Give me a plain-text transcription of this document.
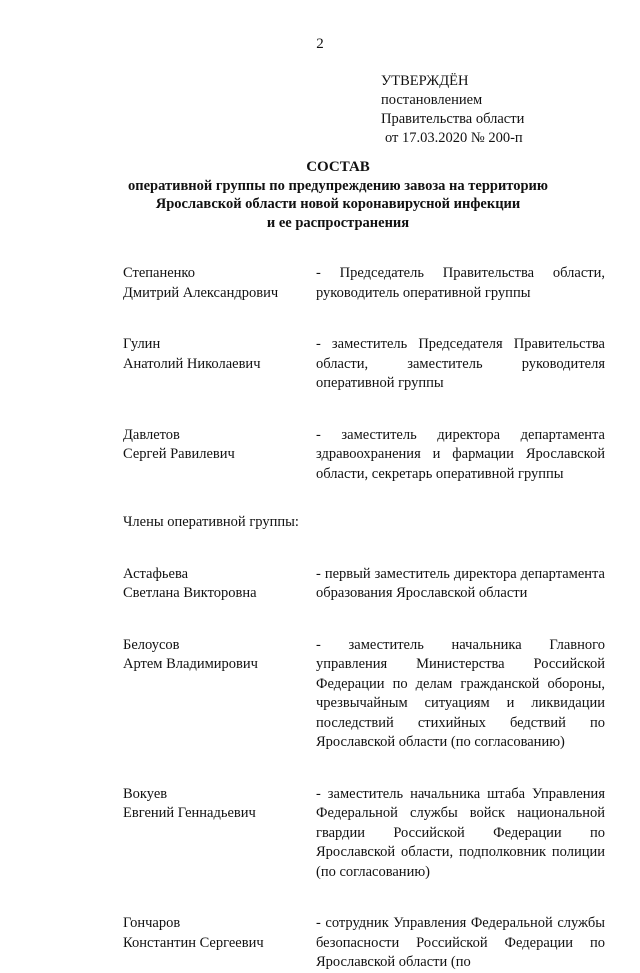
2
УТВЕРЖДЁН
постановлением
Правительства области
от 17.03.2020 № 200-п
СОСТАВ
оперативной группы по предупреждению завоза на территорию
Ярославской области новой коронавирусной инфекции
и ее распространения
Степаненко
Дмитрий Александрович
- Председатель Правительства области, руководитель оперативной группы
Гулин
Анатолий Николаевич
- заместитель Председателя Правительства области, заместитель руководителя оперативной группы
Давлетов
Сергей Равилевич
- заместитель директора департамента здравоохранения и фармации Ярославской области, секретарь оперативной группы
Члены оперативной группы:
Астафьева
Светлана Викторовна
- первый заместитель директора департамента образования Ярославской области
Белоусов
Артем Владимирович
- заместитель начальника Главного управления Министерства Российской Федерации по делам гражданской обороны, чрезвычайным ситуациям и ликвидации последствий стихийных бедствий по Ярославской области (по согласованию)
Вокуев
Евгений Геннадьевич
- заместитель начальника штаба Управления Федеральной службы войск национальной гвардии Российской Федерации по Ярославской области, подполковник полиции (по согласованию)
Гончаров
Константин Сергеевич
- сотрудник Управления Федеральной службы безопасности Российской Федерации по Ярославской области (по
